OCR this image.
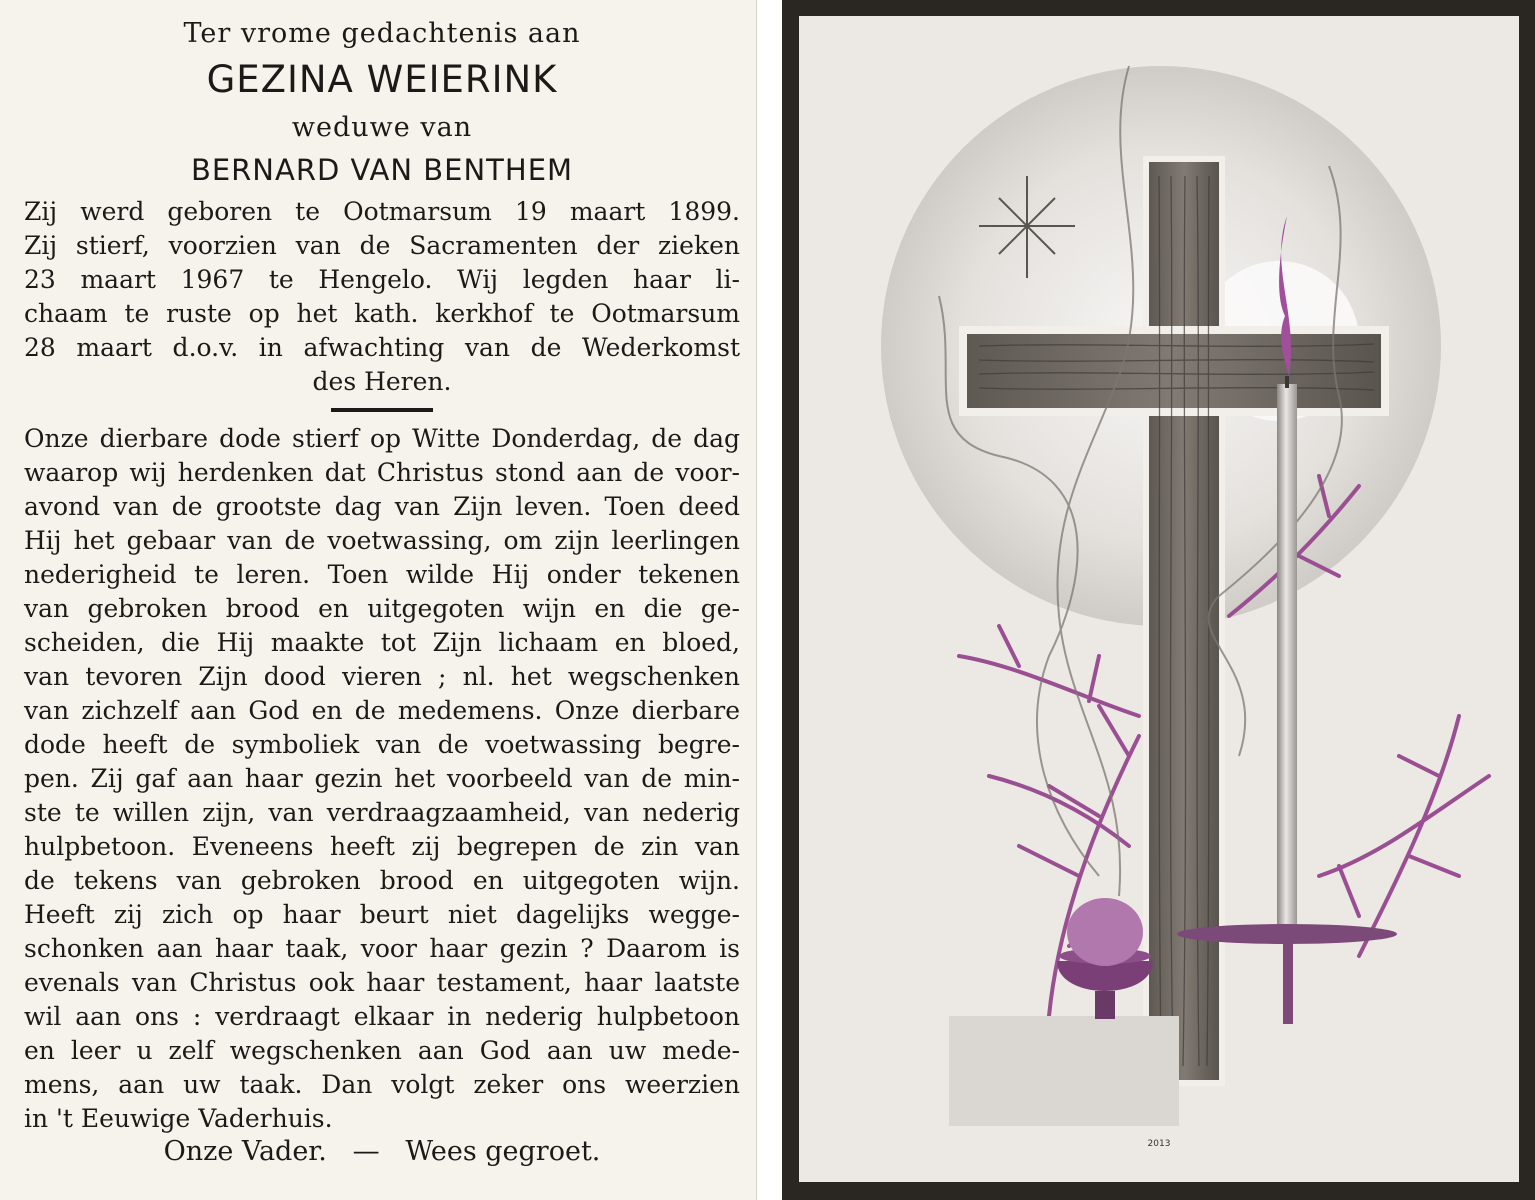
Ter vrome gedachtenis aan
GEZINA WEIERINK
weduwe van
BERNARD VAN BENTHEM
Zij werd geboren te Ootmarsum 19 maart 1899.
Zij stierf, voorzien van de Sacramenten der zieken
23 maart 1967 te Hengelo. Wij legden haar li-
chaam te ruste op het kath. kerkhof te Ootmarsum
28 maart d.o.v. in afwachting van de Wederkomst
des Heren.
Onze dierbare dode stierf op Witte Donderdag, de dag
waarop wij herdenken dat Christus stond aan de voor-
avond van de grootste dag van Zijn leven. Toen deed
Hij het gebaar van de voetwassing, om zijn leerlingen
nederigheid te leren. Toen wilde Hij onder tekenen
van gebroken brood en uitgegoten wijn en die ge-
scheiden, die Hij maakte tot Zijn lichaam en bloed,
van tevoren Zijn dood vieren ; nl. het wegschenken
van zichzelf aan God en de medemens. Onze dierbare
dode heeft de symboliek van de voetwassing begre-
pen. Zij gaf aan haar gezin het voorbeeld van de min-
ste te willen zijn, van verdraagzaamheid, van nederig
hulpbetoon. Eveneens heeft zij begrepen de zin van
de tekens van gebroken brood en uitgegoten wijn.
Heeft zij zich op haar beurt niet dagelijks wegge-
schonken aan haar taak, voor haar gezin ? Daarom is
evenals van Christus ook haar testament, haar laatste
wil aan ons : verdraagt elkaar in nederig hulpbetoon
en leer u zelf wegschenken aan God aan uw mede-
mens, aan uw taak. Dan volgt zeker ons weerzien
in 't Eeuwige Vaderhuis.
Onze Vader.   —   Wees gegroet.	2013
